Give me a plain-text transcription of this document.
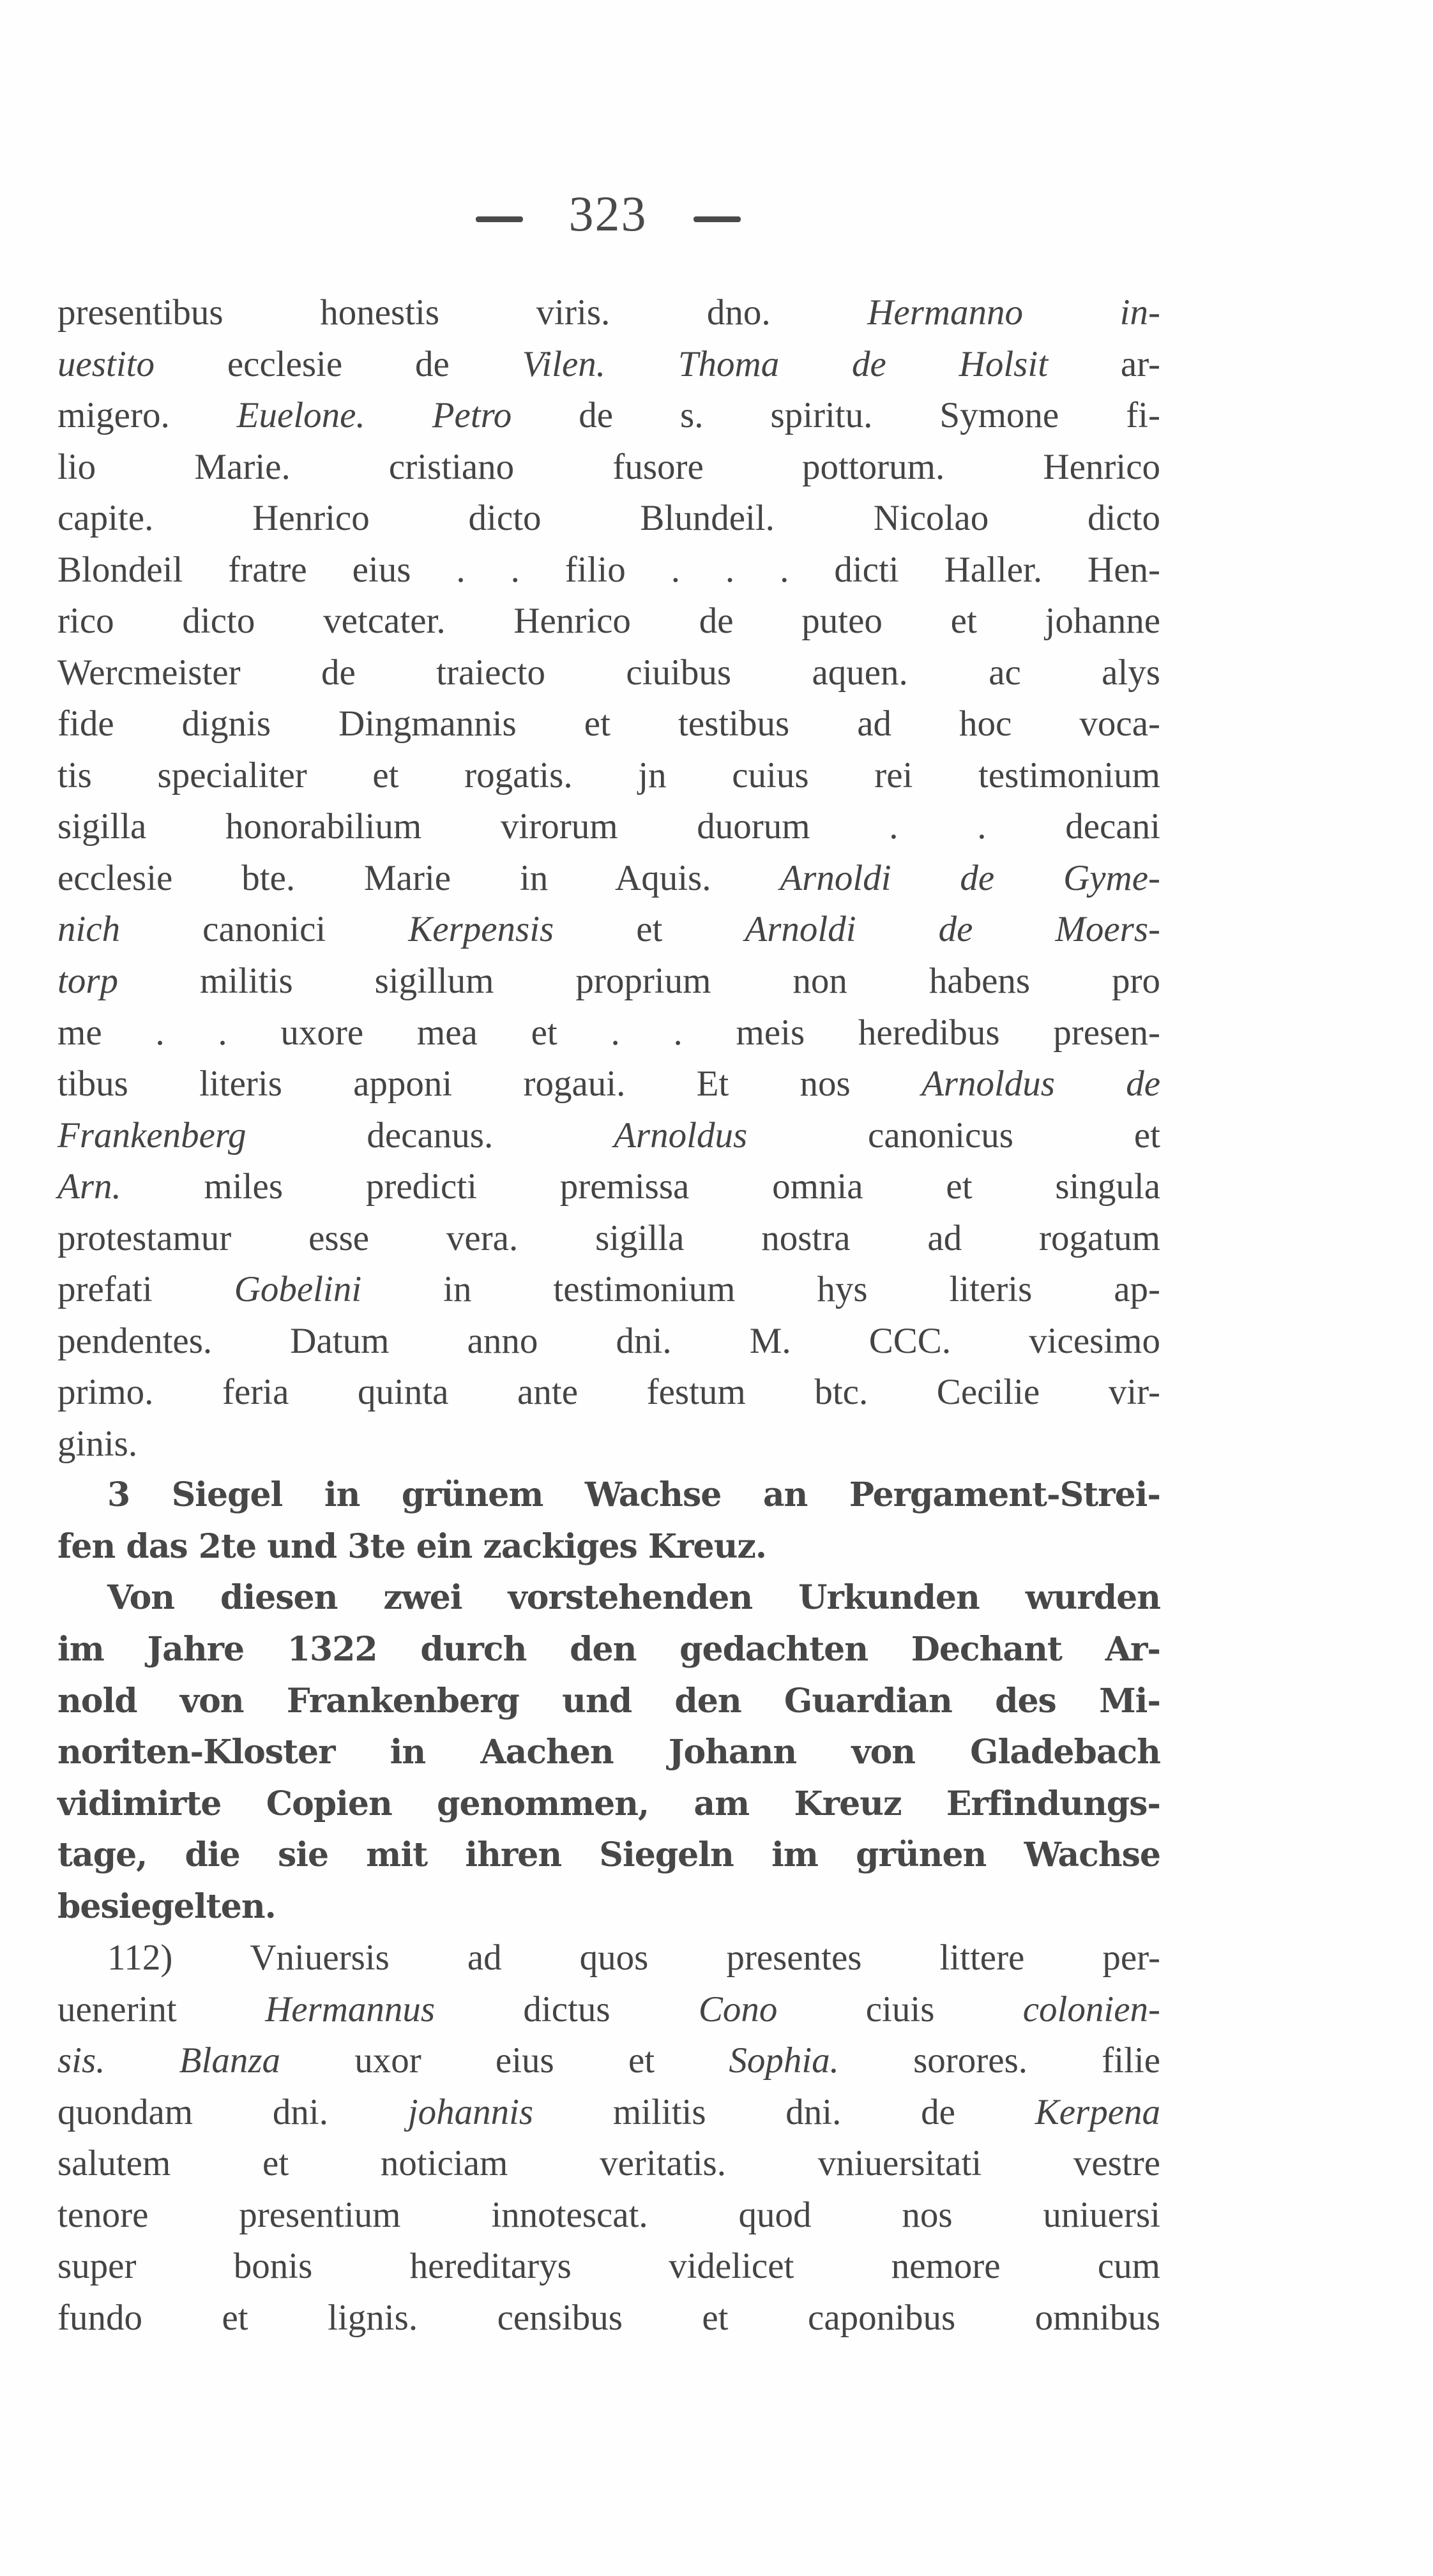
323
presentibus honestis viris. dno. Hermanno in-
uestito ecclesie de Vilen. Thoma de Holsit ar-
migero. Euelone. Petro de s. spiritu. Symone fi-
lio Marie. cristiano fusore pottorum. Henrico
capite. Henrico dicto Blundeil. Nicolao dicto
Blondeil fratre eius . . filio . . . dicti Haller. Hen-
rico dicto vetcater. Henrico de puteo et johanne
Wercmeister de traiecto ciuibus aquen. ac alys
fide dignis Dingmannis et testibus ad hoc voca-
tis specialiter et rogatis. jn cuius rei testimonium
sigilla honorabilium virorum duorum . . decani
ecclesie bte. Marie in Aquis. Arnoldi de Gyme-
nich canonici Kerpensis et Arnoldi de Moers-
torp militis sigillum proprium non habens pro
me . . uxore mea et . . meis heredibus presen-
tibus literis apponi rogaui. Et nos Arnoldus de
Frankenberg decanus. Arnoldus canonicus et
Arn. miles predicti premissa omnia et singula
protestamur esse vera. sigilla nostra ad rogatum
prefati Gobelini in testimonium hys literis ap-
pendentes. Datum anno dni. M. CCC. vicesimo
primo. feria quinta ante festum btc. Cecilie vir-
ginis.
3 Siegel in grünem Wachse an Pergament-Strei-
fen das 2te und 3te ein zackiges Kreuz.
Von diesen zwei vorstehenden Urkunden wurden
im Jahre 1322 durch den gedachten Dechant Ar-
nold von Frankenberg und den Guardian des Mi-
noriten-Kloster in Aachen Johann von Gladebach
vidimirte Copien genommen, am Kreuz Erfindungs-
tage, die sie mit ihren Siegeln im grünen Wachse
besiegelten.
112) Vniuersis ad quos presentes littere per-
uenerint Hermannus dictus Cono ciuis colonien-
sis. Blanza uxor eius et Sophia. sorores. filie
quondam dni. johannis militis dni. de Kerpena
salutem et noticiam veritatis. vniuersitati vestre
tenore presentium innotescat. quod nos uniuersi
super bonis hereditarys videlicet nemore cum
fundo et lignis. censibus et caponibus omnibus
